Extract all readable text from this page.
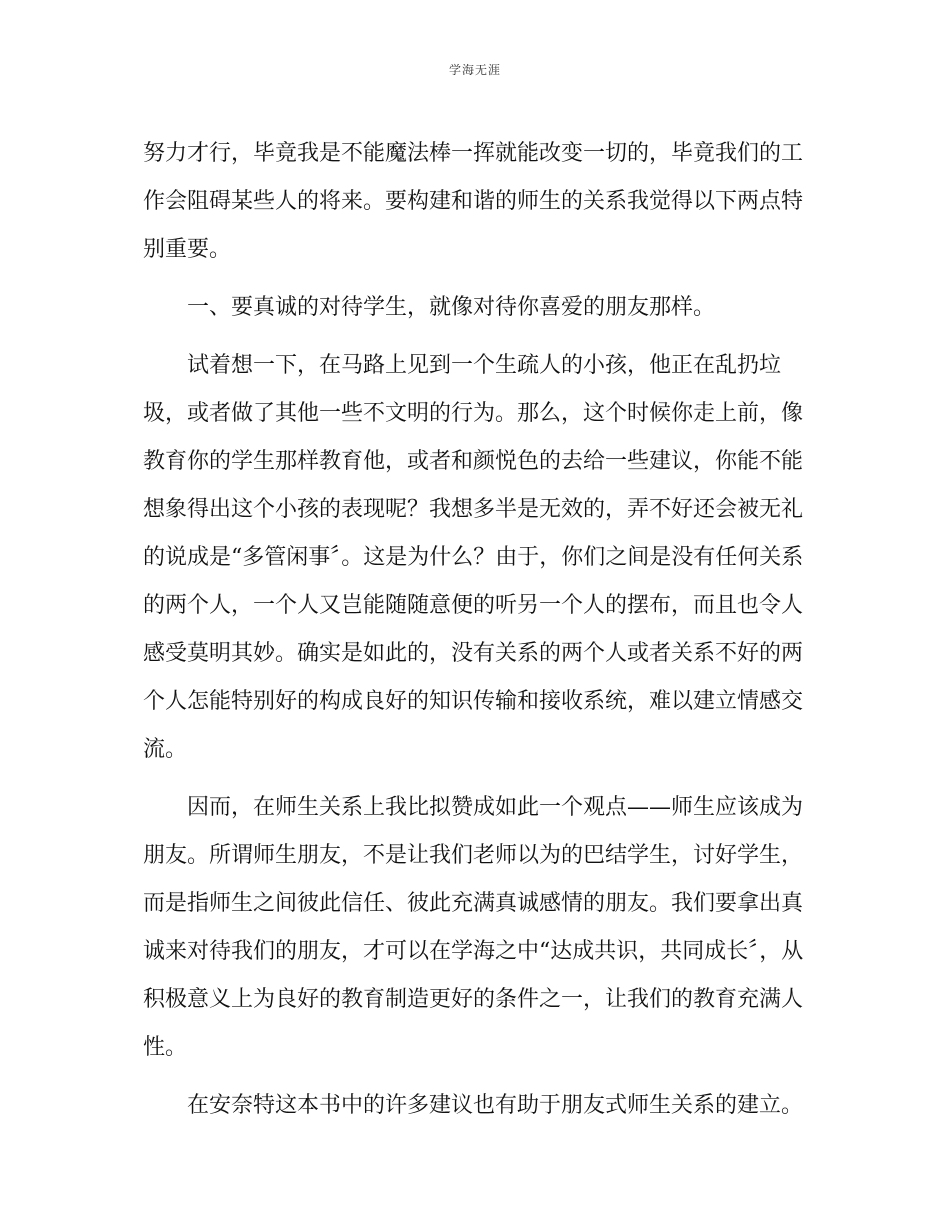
学海无涯

努力才行，毕竟我是不能魔法棒一挥就能改变一切的，毕竟我们的工作会阻碍某些人的将来。要构建和谐的师生的关系我觉得以下两点特别重要。

一、要真诚的对待学生，就像对待你喜爱的朋友那样。

试着想一下，在马路上见到一个生疏人的小孩，他正在乱扔垃圾，或者做了其他一些不文明的行为。那么，这个时候你走上前，像教育你的学生那样教育他，或者和颜悦色的去给一些建议，你能不能想象得出这个小孩的表现呢？我想多半是无效的，弄不好还会被无礼的说成是“多管闲事〞。这是为什么？由于，你们之间是没有任何关系的两个人，一个人又岂能随随意便的听另一个人的摆布，而且也令人感受莫明其妙。确实是如此的，没有关系的两个人或者关系不好的两个人怎能特别好的构成良好的知识传输和接收系统，难以建立情感交流。

因而，在师生关系上我比拟赞成如此一个观点——师生应该成为朋友。所谓师生朋友，不是让我们老师以为的巴结学生，讨好学生，而是指师生之间彼此信任、彼此充满真诚感情的朋友。我们要拿出真诚来对待我们的朋友，才可以在学海之中“达成共识，共同成长〞，从积极意义上为良好的教育制造更好的条件之一，让我们的教育充满人性。

在安奈特这本书中的许多建议也有助于朋友式师生关系的建立。
